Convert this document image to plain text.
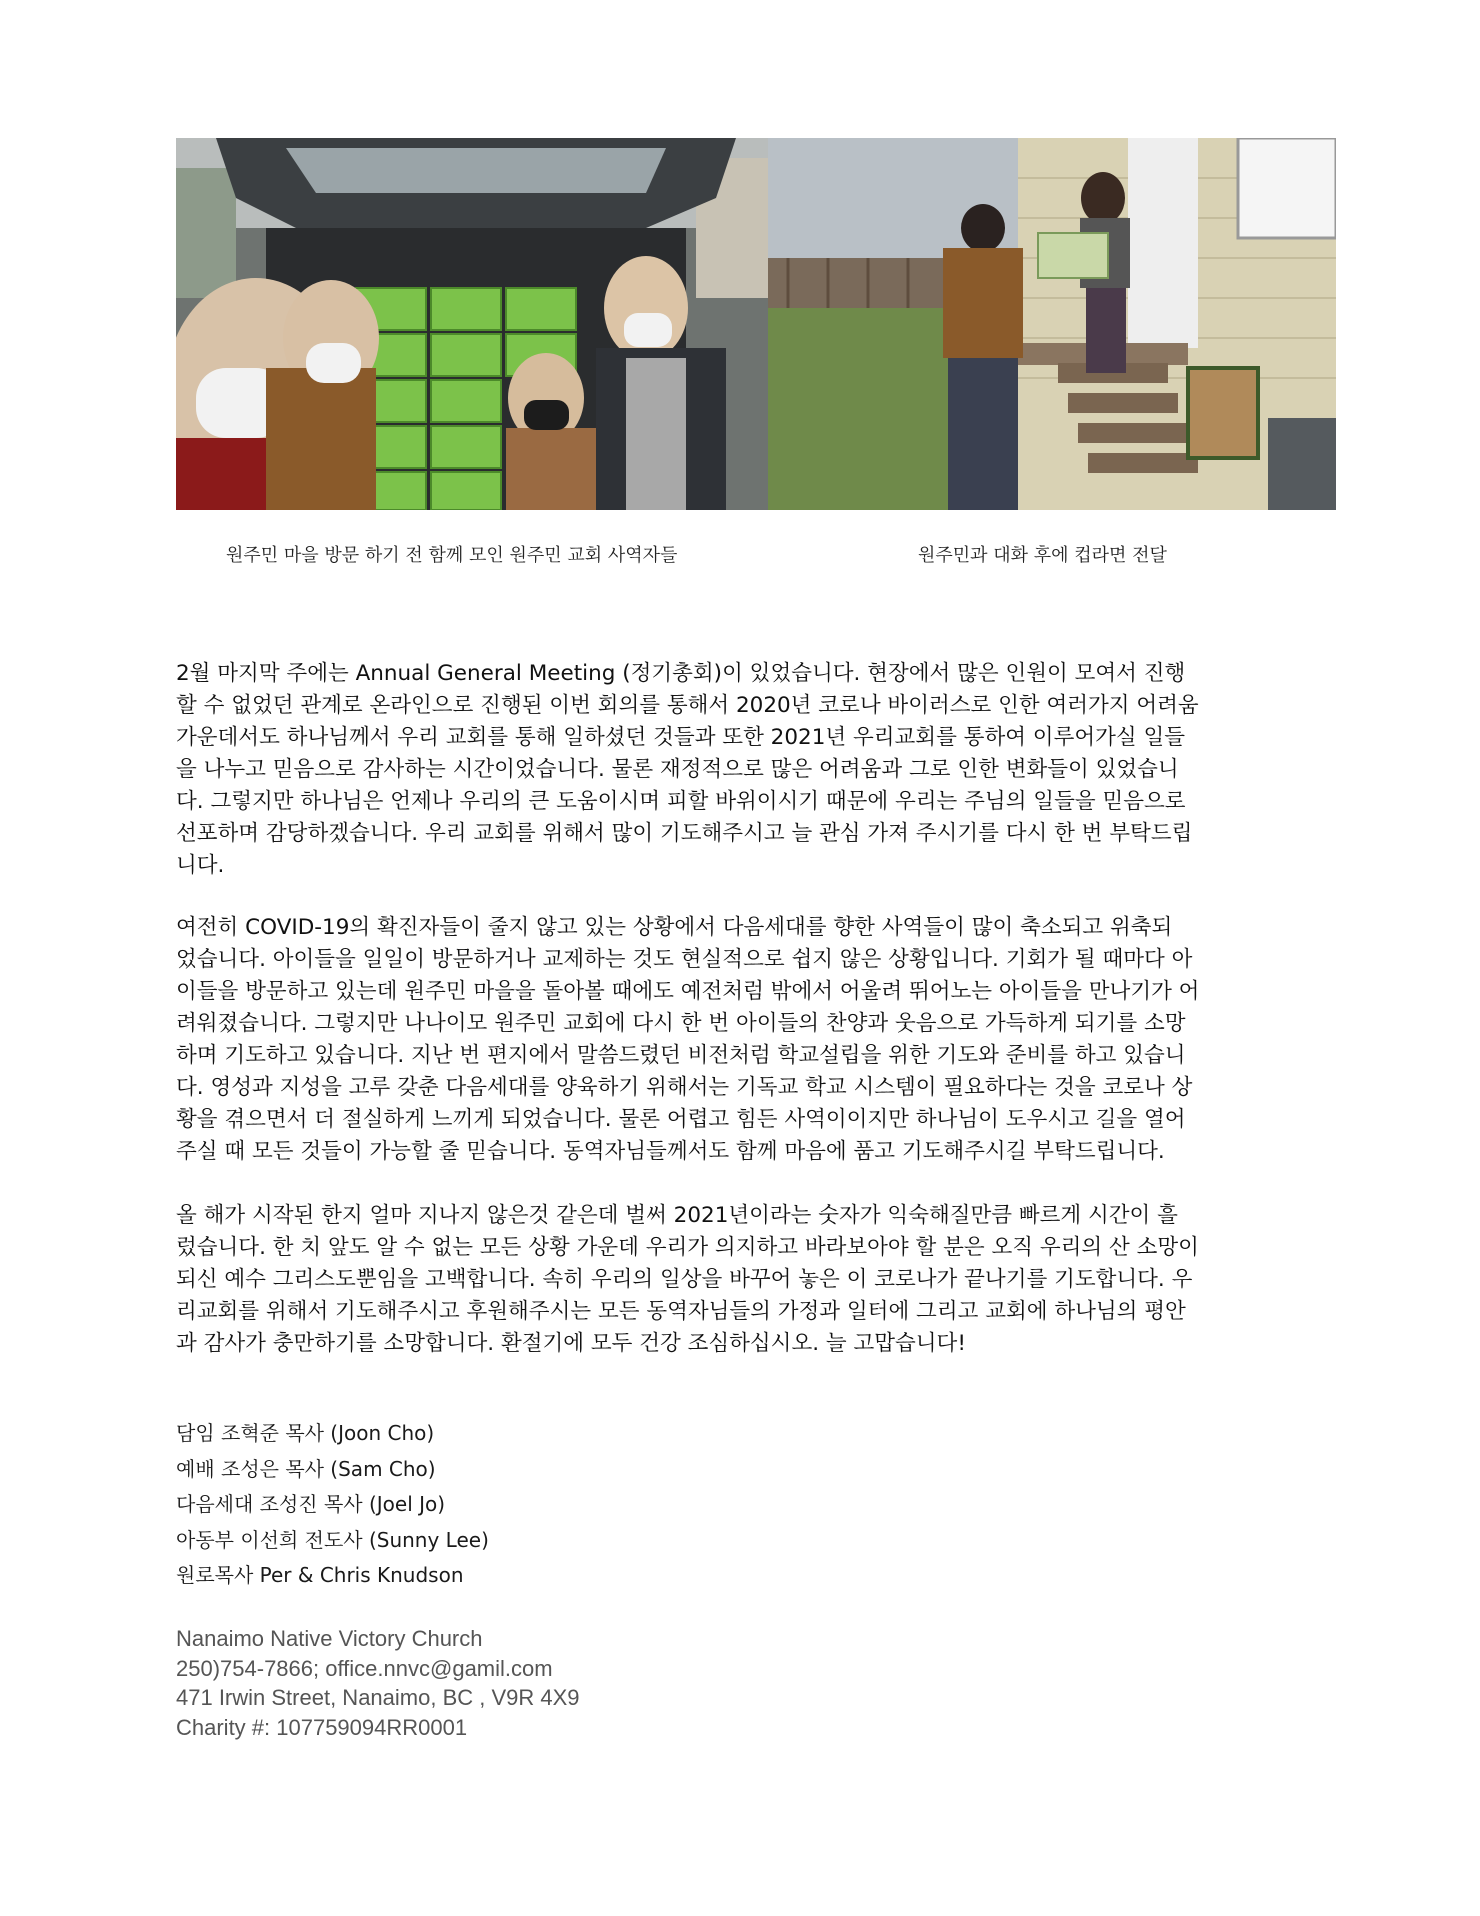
원주민 마을 방문 하기 전 함께 모인 원주민 교회 사역자들	원주민과 대화 후에 컵라면 전달
2월 마지막 주에는 Annual General Meeting (정기총회)이 있었습니다. 현장에서 많은 인원이 모여서 진행
할 수 없었던 관계로 온라인으로 진행된 이번 회의를 통해서 2020년 코로나 바이러스로 인한 여러가지 어려움
가운데서도 하나님께서 우리 교회를 통해 일하셨던 것들과 또한 2021년 우리교회를 통하여 이루어가실 일들
을 나누고 믿음으로 감사하는 시간이었습니다. 물론 재정적으로 많은 어려움과 그로 인한 변화들이 있었습니
다. 그렇지만 하나님은 언제나 우리의 큰 도움이시며 피할 바위이시기 때문에 우리는 주님의 일들을 믿음으로
선포하며 감당하겠습니다. 우리 교회를 위해서 많이 기도해주시고 늘 관심 가져 주시기를 다시 한 번 부탁드립
니다.
여전히 COVID-19의 확진자들이 줄지 않고 있는 상황에서 다음세대를 향한 사역들이 많이 축소되고 위축되
었습니다. 아이들을 일일이 방문하거나 교제하는 것도 현실적으로 쉽지 않은 상황입니다. 기회가 될 때마다 아
이들을 방문하고 있는데 원주민 마을을 돌아볼 때에도 예전처럼 밖에서 어울려 뛰어노는 아이들을 만나기가 어
려워졌습니다. 그렇지만 나나이모 원주민 교회에 다시 한 번 아이들의 찬양과 웃음으로 가득하게 되기를 소망
하며 기도하고 있습니다. 지난 번 편지에서 말씀드렸던 비전처럼 학교설립을 위한 기도와 준비를 하고 있습니
다. 영성과 지성을 고루 갖춘 다음세대를 양육하기 위해서는 기독교 학교 시스템이 필요하다는 것을 코로나 상
황을 겪으면서 더 절실하게 느끼게 되었습니다. 물론 어렵고 힘든 사역이이지만 하나님이 도우시고 길을 열어
주실 때 모든 것들이 가능할 줄 믿습니다. 동역자님들께서도 함께 마음에 품고 기도해주시길 부탁드립니다.
올 해가 시작된 한지 얼마 지나지 않은것 같은데 벌써 2021년이라는 숫자가 익숙해질만큼 빠르게 시간이 흘
렀습니다. 한 치 앞도 알 수 없는 모든 상황 가운데 우리가 의지하고 바라보아야 할 분은 오직 우리의 산 소망이
되신 예수 그리스도뿐임을 고백합니다. 속히 우리의 일상을 바꾸어 놓은 이 코로나가 끝나기를 기도합니다. 우
리교회를 위해서 기도해주시고 후원해주시는 모든 동역자님들의 가정과 일터에 그리고 교회에 하나님의 평안
과 감사가 충만하기를 소망합니다. 환절기에 모두 건강 조심하십시오. 늘 고맙습니다!
담임 조혁준 목사 (Joon Cho)
예배 조성은 목사 (Sam Cho)
다음세대 조성진 목사 (Joel Jo)
아동부 이선희 전도사 (Sunny Lee)
원로목사 Per & Chris Knudson
Nanaimo Native Victory Church
250)754-7866; office.nnvc@gamil.com
471 Irwin Street, Nanaimo, BC , V9R 4X9
Charity #: 107759094RR0001
